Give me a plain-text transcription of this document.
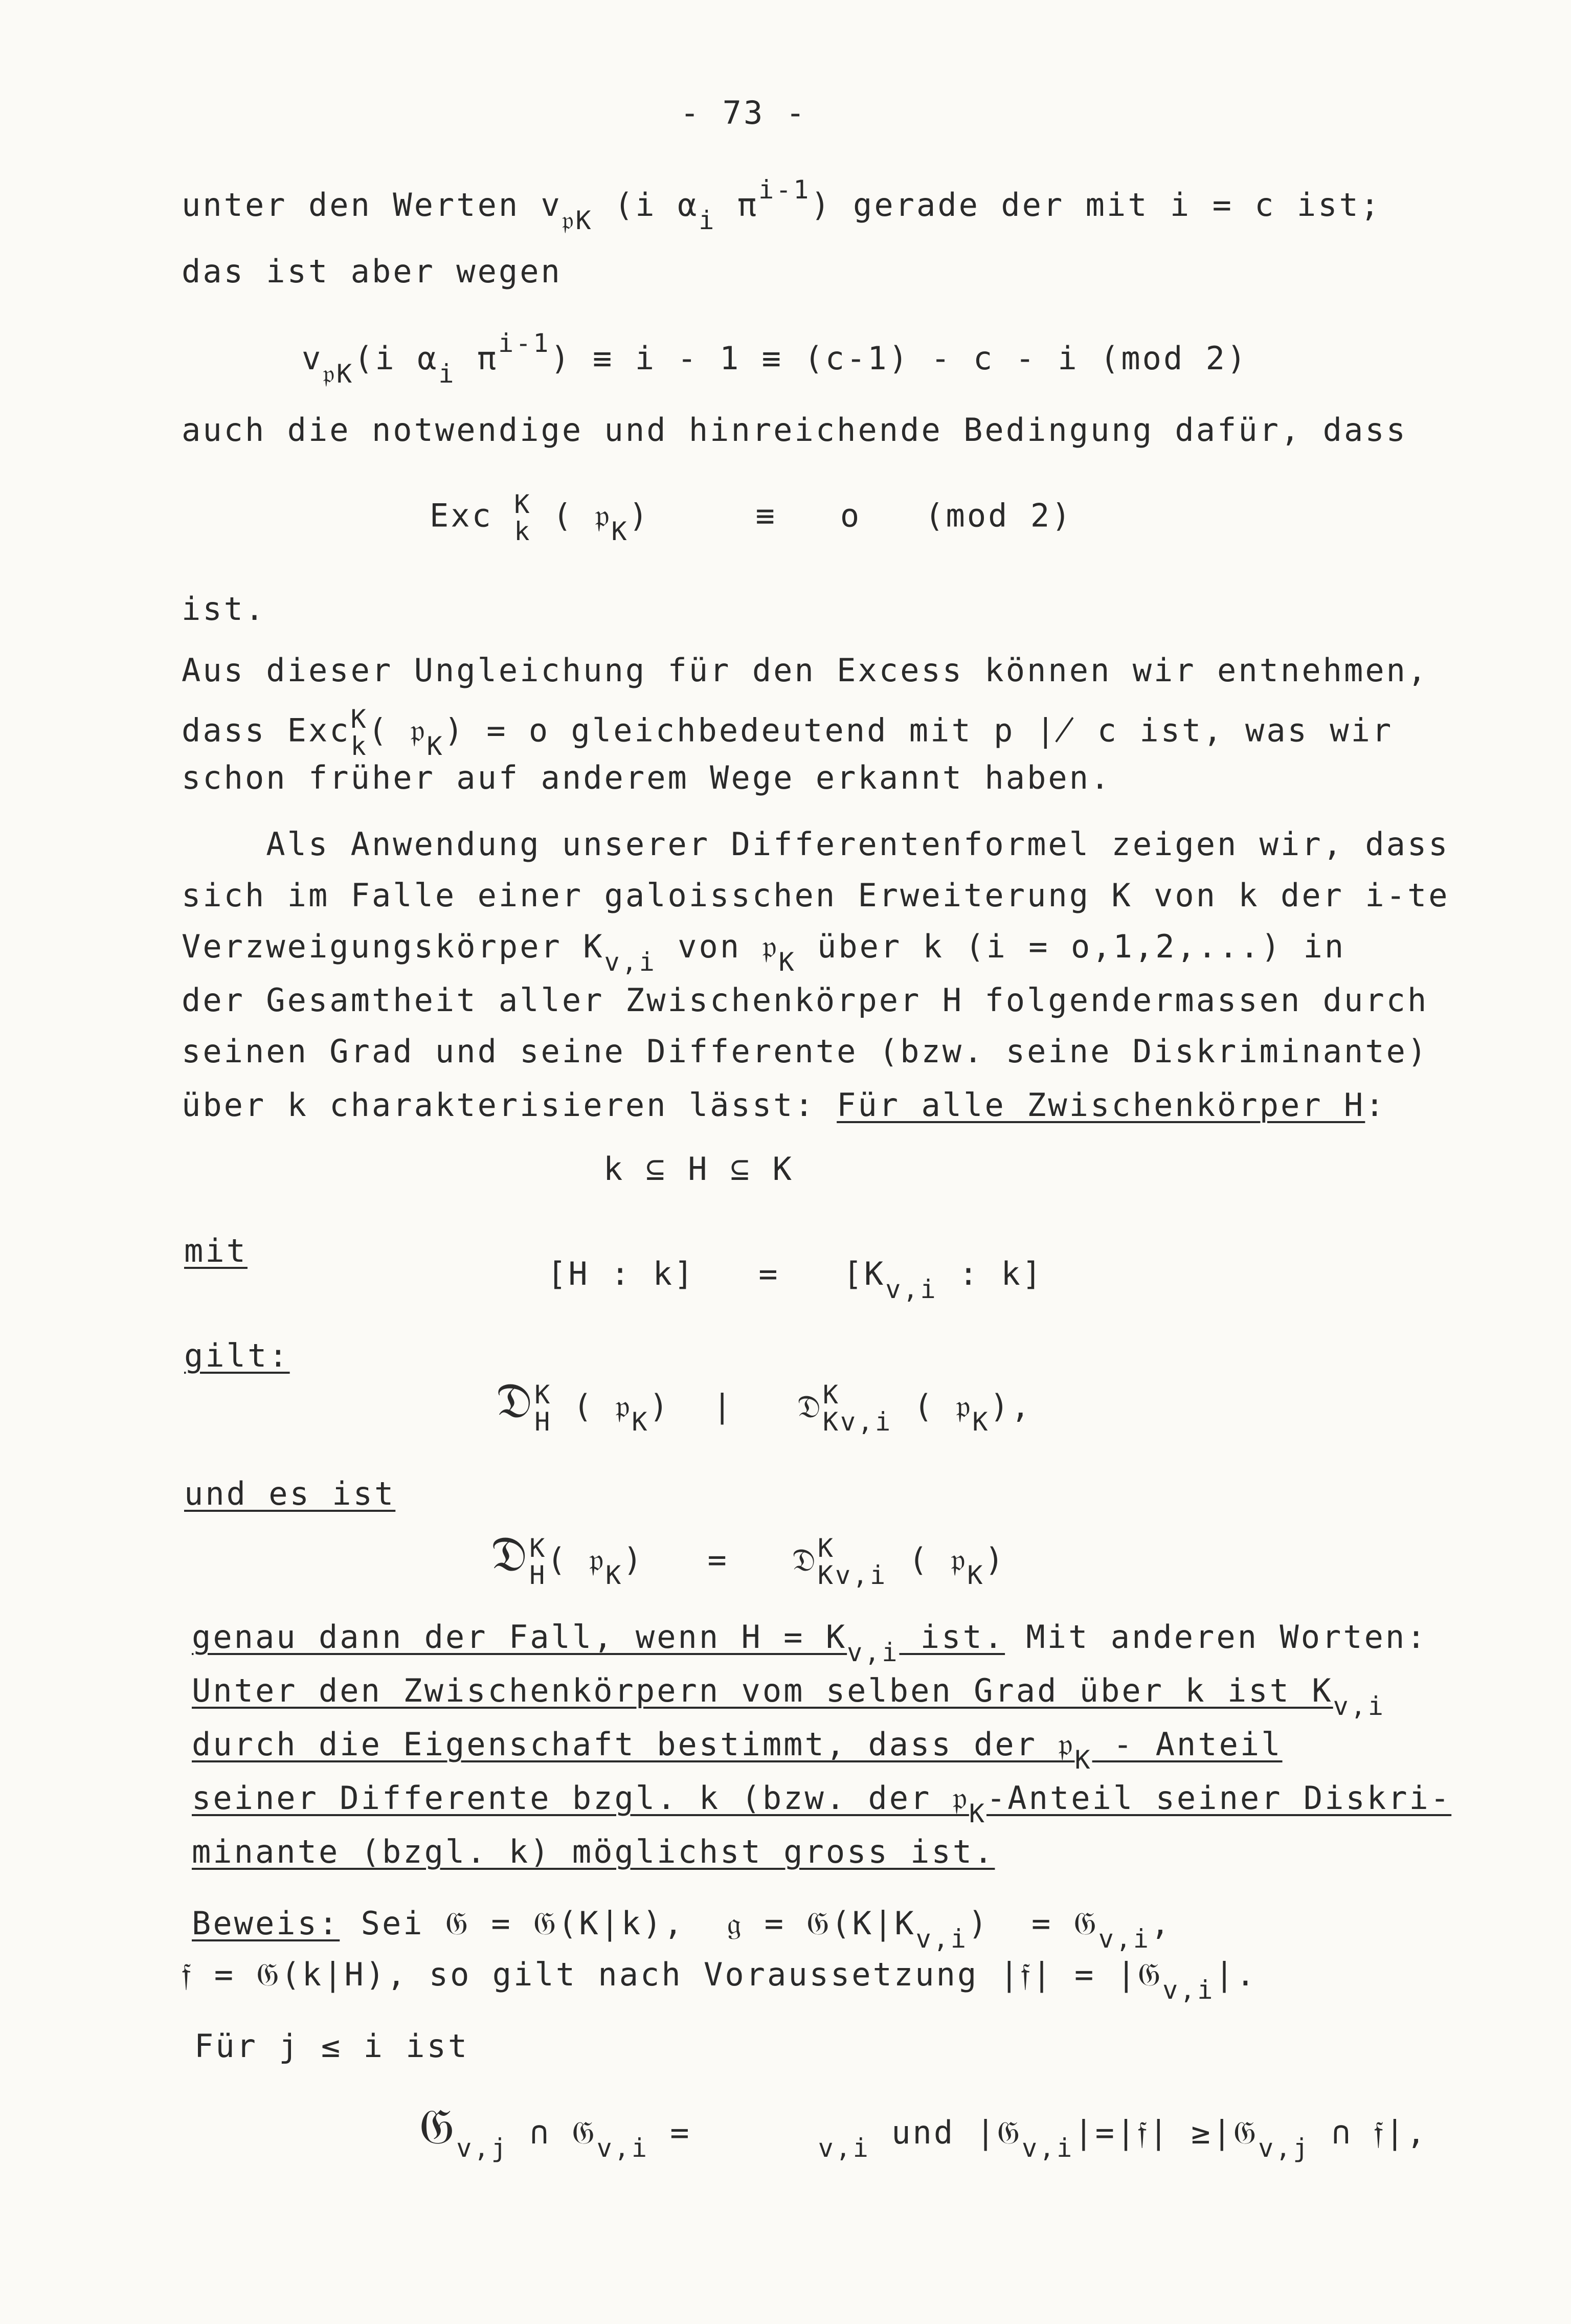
- 73 -
unter den Werten $v_{𝔭K}$ (i $\alpha_i$ $\pi^{i-1}$) gerade der mit i = c ist;
das ist aber wegen
$v_{𝔭K}(i$ $\alpha_i$ $\pi^{i-1}) \equiv i - 1 \equiv (c-1) - c - i$ (mod 2)
auch die notwendige und hinreichende Bedingung dafür, dass
Exc K
k ( 𝔭$_K$)     ≡   o   (mod 2)
ist.
Aus dieser Ungleichung für den Excess können wir entnehmen,
dass Exc K
k ( 𝔭$_K$) = o gleichbedeutend mit p ∤ c ist, was wir
schon früher auf anderem Wege erkannt haben.
Als Anwendung unserer Differentenformel zeigen wir, dass
sich im Falle einer galoisschen Erweiterung K von k der i-te
Verzweigungskörper $K_{v,i}$ von 𝔭$_K$ über k (i = o,1,2,...) in
der Gesamtheit aller Zwischenkörper H folgendermassen durch
seinen Grad und seine Differente (bzw. seine Diskriminante)
über k charakterisieren lässt: Für alle Zwischenkörper H:
k ⊆ H ⊆ K
mit
[H : $k] = [K_{v,i}$ : k]
gilt:
𝔇 K
H ( 𝔭$_K$)  |   𝔇 K
K $_{v,i}$ ( 𝔭$_K$),
und es ist
𝔇 K
H ( 𝔭$_K$)   =   𝔇 K
K $_{v,i}$ ( 𝔭$_K$)
genau dann der Fall, wenn $H = K_{v,i}$ ist. Mit anderen Worten:
Unter den Zwischenkörpern vom selben Grad über k ist $K_{v,i}$
durch die Eigenschaft bestimmt, dass der 𝔭$_K$ - Anteil
seiner Differente bzgl. k (bzw. der 𝔭$_K$-Anteil seiner Diskri-
minante (bzgl. k) möglichst gross ist.
Beweis: Sei 𝔊 = 𝔊(K|k),  𝔤 = $𝔊(K|K_{v,i})$  = 𝔊$_{v,i}$,
𝔣 = 𝔊(k|H), so gilt nach Voraussetzung |𝔣| = |𝔊$_{v,i}$|.
Für j ≤ i ist
𝔊$_{v,j}$ ∩ 𝔊$_{v,i}$ =      $_{v,i}$ und |𝔊$_{v,i}$|=|𝔣| ≥|𝔊$_{v,j}$ ∩ 𝔣|,
